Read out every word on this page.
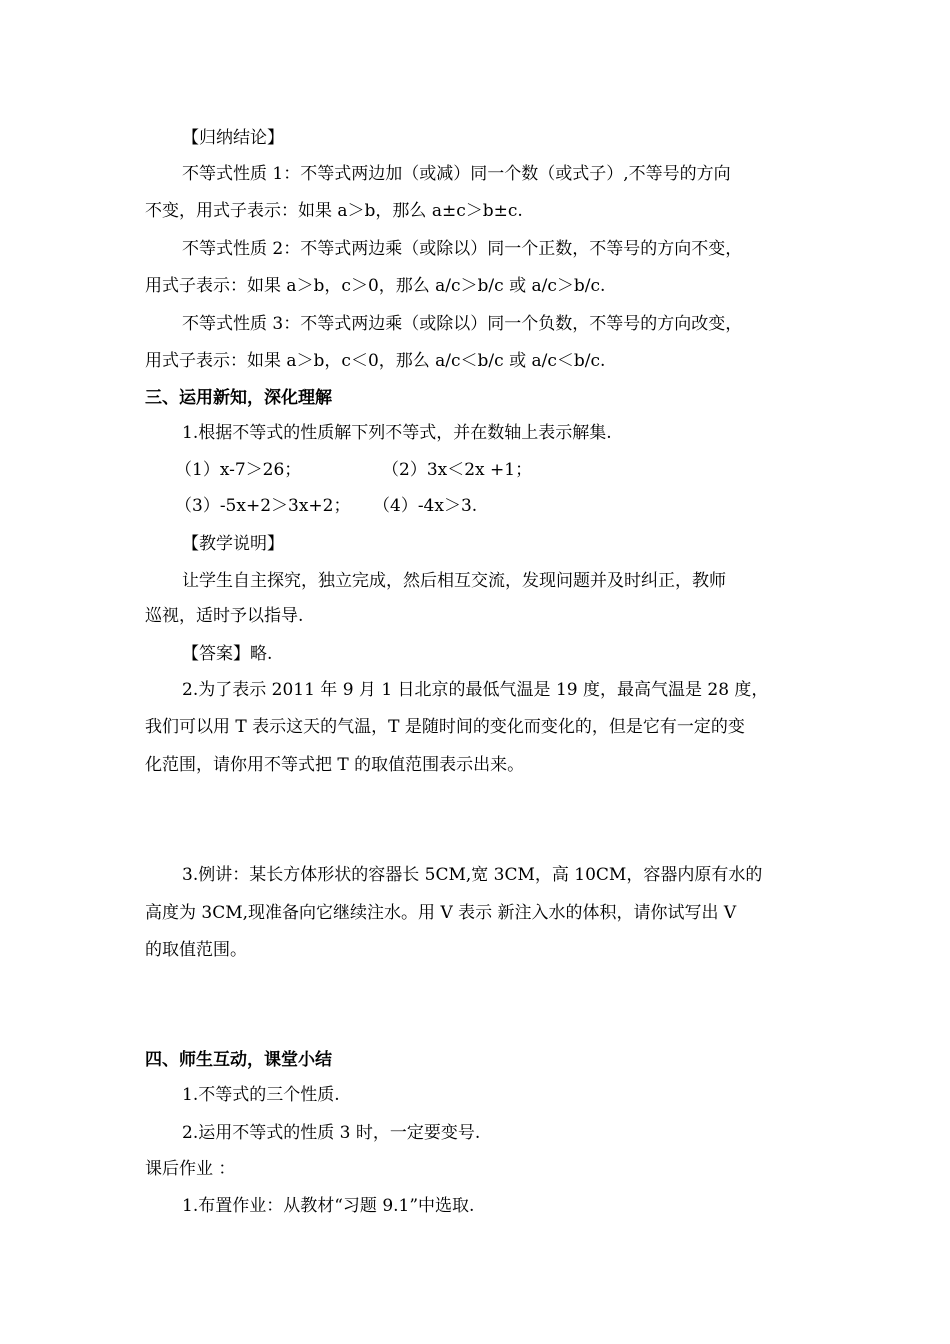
【归纳结论】
不等式性质 1：不等式两边加（或减）同一个数（或式子）,不等号的方向
不变，用式子表示：如果 a＞b，那么 a±c＞b±c.
不等式性质 2：不等式两边乘（或除以）同一个正数，不等号的方向不变，
用式子表示：如果 a＞b，c＞0，那么 a/c＞b/c 或 a/c＞b/c.
不等式性质 3：不等式两边乘（或除以）同一个负数，不等号的方向改变，
用式子表示：如果 a＞b，c＜0，那么 a/c＜b/c 或 a/c＜b/c.
三、运用新知，深化理解
1.根据不等式的性质解下列不等式，并在数轴上表示解集.
（1）x-7＞26；	（2）3x＜2x +1；
（3）-5x+2＞3x+2； （4）-4x＞3.
【教学说明】
让学生自主探究，独立完成，然后相互交流，发现问题并及时纠正，教师
巡视，适时予以指导.
【答案】略.
2.为了表示 2011 年 9 月 1 日北京的最低气温是 19 度，最高气温是 28 度，
我们可以用 T 表示这天的气温，T 是随时间的变化而变化的，但是它有一定的变
化范围，请你用不等式把 T 的取值范围表示出来。
3.例讲：某长方体形状的容器长 5CM,宽 3CM，高 10CM，容器内原有水的
高度为 3CM,现准备向它继续注水。用 V 表示 新注入水的体积，请你试写出 V
的取值范围。
四、师生互动，课堂小结
1.不等式的三个性质.
2.运用不等式的性质 3 时，一定要变号.
课后作业 ：
1.布置作业：从教材“习题 9.1”中选取.
